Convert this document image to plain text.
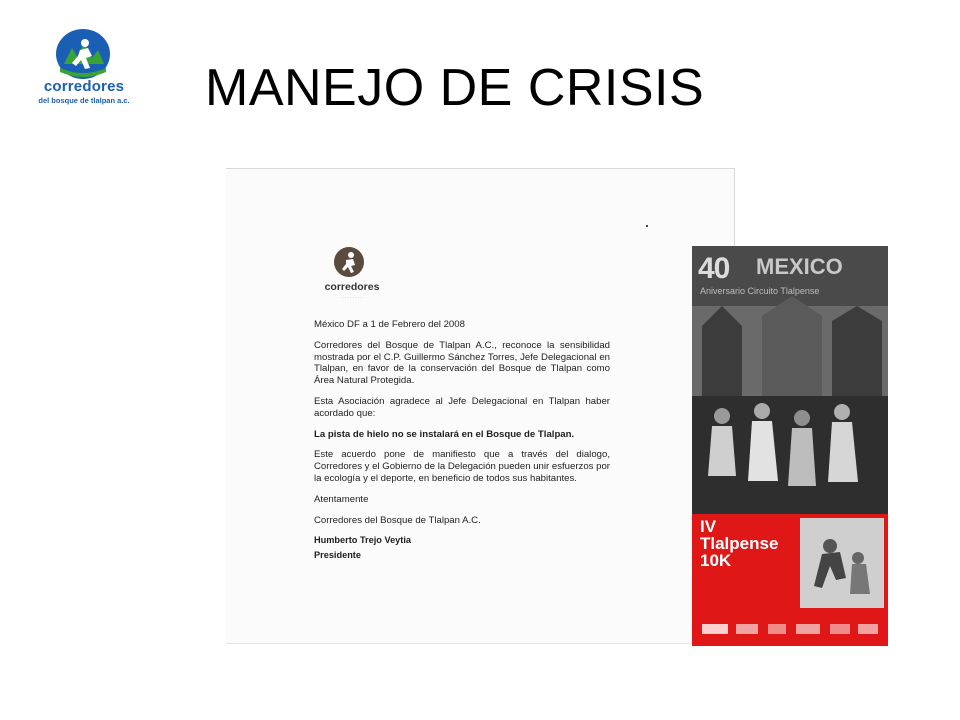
corredores
del bosque de tlalpan a.c. MANEJO DE CRISIS
corredores
· · · · · · · ·

México DF a 1 de Febrero del 2008

Corredores del Bosque de Tlalpan A.C., reconoce la sensibilidad mostrada por el C.P. Guillermo Sánchez Torres, Jefe Delegacional en Tlalpan, en favor de la conservación del Bosque de Tlalpan como Área Natural Protegida.

Esta Asociación agradece al Jefe Delegacional en Tlalpan haber acordado que:

La pista de hielo no se instalará en el Bosque de Tlalpan.

Este acuerdo pone de manifiesto que a través del dialogo, Corredores y el Gobierno de la Delegación pueden unir esfuerzos por la ecología y el deporte, en beneficio de todos sus habitantes.

Atentamente

Corredores del Bosque de Tlalpan A.C.

Humberto Trejo Veytia
Presidente
40 MEXICO
Aniversario Circuito Tlalpense
IV
Tlalpense
10K
